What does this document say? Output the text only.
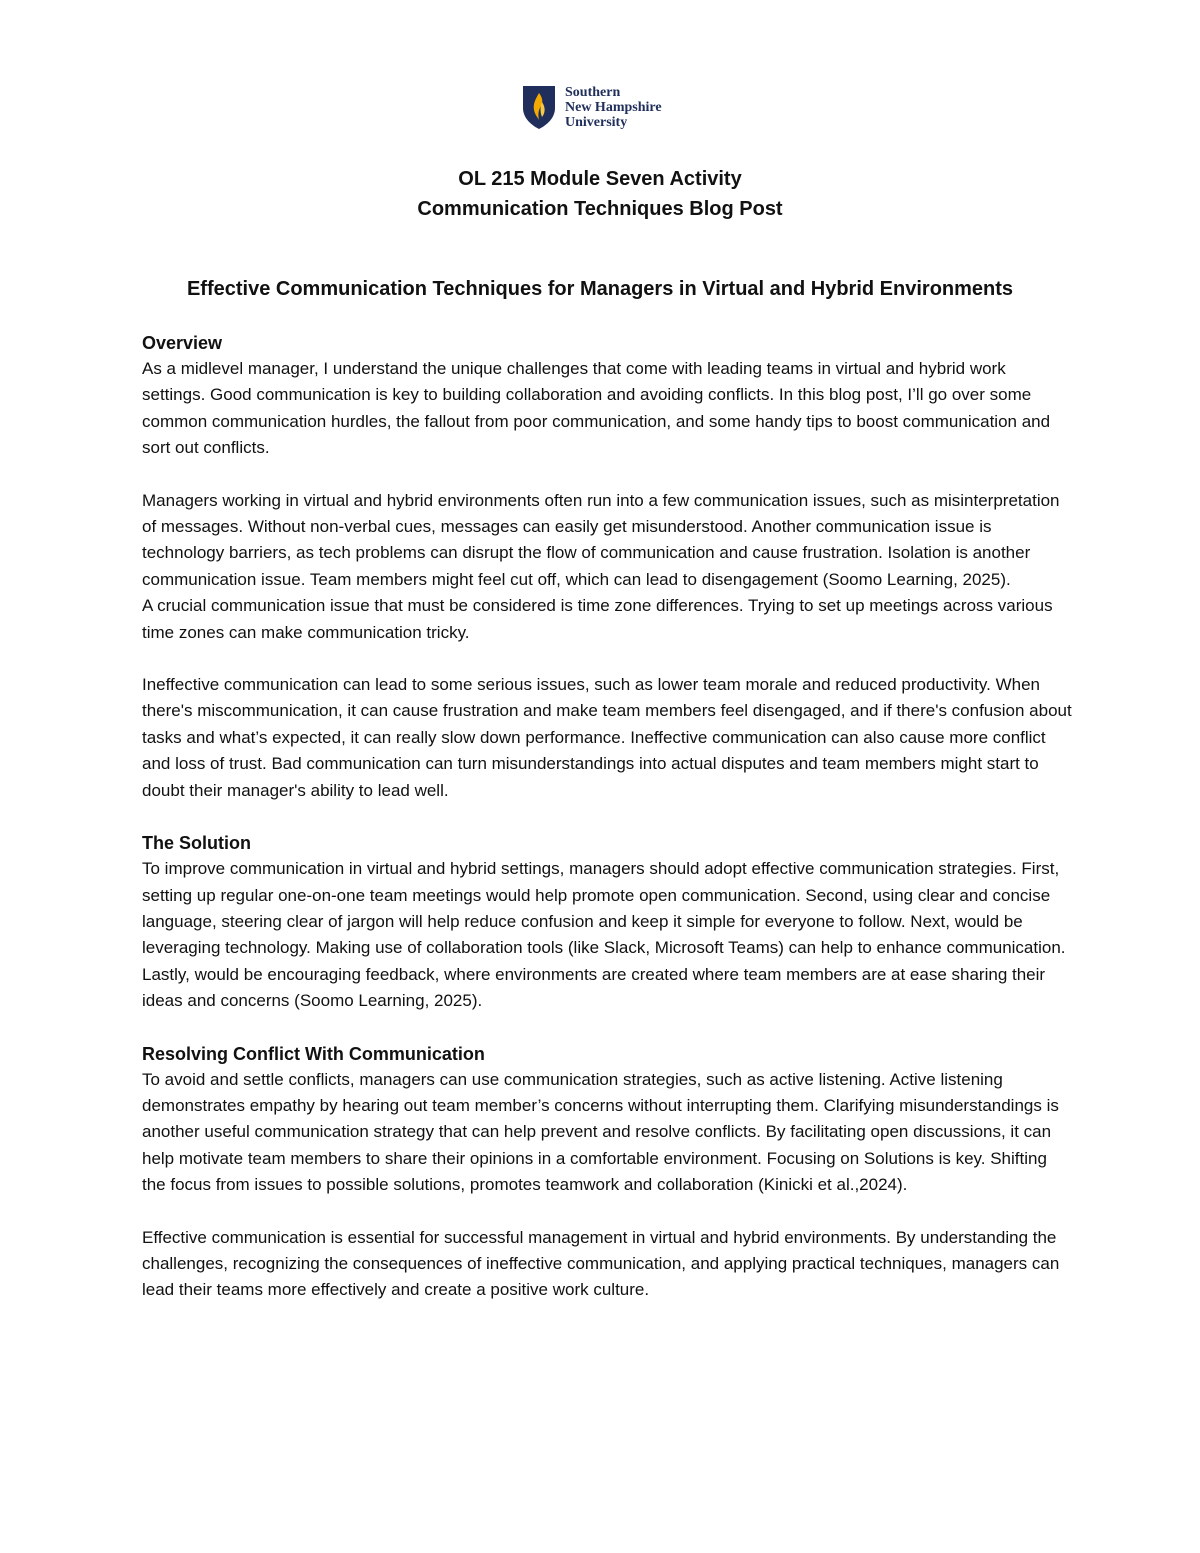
Southern
New Hampshire
University
OL 215 Module Seven Activity
Communication Techniques Blog Post
Effective Communication Techniques for Managers in Virtual and Hybrid Environments

Overview

As a midlevel manager, I understand the unique challenges that come with leading teams in virtual and hybrid work settings. Good communication is key to building collaboration and avoiding conflicts. In this blog post, I’ll go over some common communication hurdles, the fallout from poor communication, and some handy tips to boost communication and sort out conflicts.

Managers working in virtual and hybrid environments often run into a few communication issues, such as misinterpretation of messages. Without non-verbal cues, messages can easily get misunderstood. Another communication issue is technology barriers, as tech problems can disrupt the flow of communication and cause frustration. Isolation is another communication issue. Team members might feel cut off, which can lead to disengagement (Soomo Learning, 2025).

A crucial communication issue that must be considered is time zone differences. Trying to set up meetings across various time zones can make communication tricky.

Ineffective communication can lead to some serious issues, such as lower team morale and reduced productivity. When there's miscommunication, it can cause frustration and make team members feel disengaged, and if there's confusion about tasks and what’s expected, it can really slow down performance. Ineffective communication can also cause more conflict and loss of trust. Bad communication can turn misunderstandings into actual disputes and team members might start to doubt their manager's ability to lead well.

The Solution

To improve communication in virtual and hybrid settings, managers should adopt effective communication strategies. First, setting up regular one-on-one team meetings would help promote open communication. Second, using clear and concise language, steering clear of jargon will help reduce confusion and keep it simple for everyone to follow. Next, would be leveraging technology. Making use of collaboration tools (like Slack, Microsoft Teams) can help to enhance communication. Lastly, would be encouraging feedback, where environments are created where team members are at ease sharing their ideas and concerns (Soomo Learning, 2025).

Resolving Conflict With Communication

To avoid and settle conflicts, managers can use communication strategies, such as active listening. Active listening demonstrates empathy by hearing out team member’s concerns without interrupting them. Clarifying misunderstandings is another useful communication strategy that can help prevent and resolve conflicts. By facilitating open discussions, it can help motivate team members to share their opinions in a comfortable environment. Focusing on Solutions is key. Shifting the focus from issues to possible solutions, promotes teamwork and collaboration (Kinicki et al.,2024).

Effective communication is essential for successful management in virtual and hybrid environments. By understanding the challenges, recognizing the consequences of ineffective communication, and applying practical techniques, managers can lead their teams more effectively and create a positive work culture.
